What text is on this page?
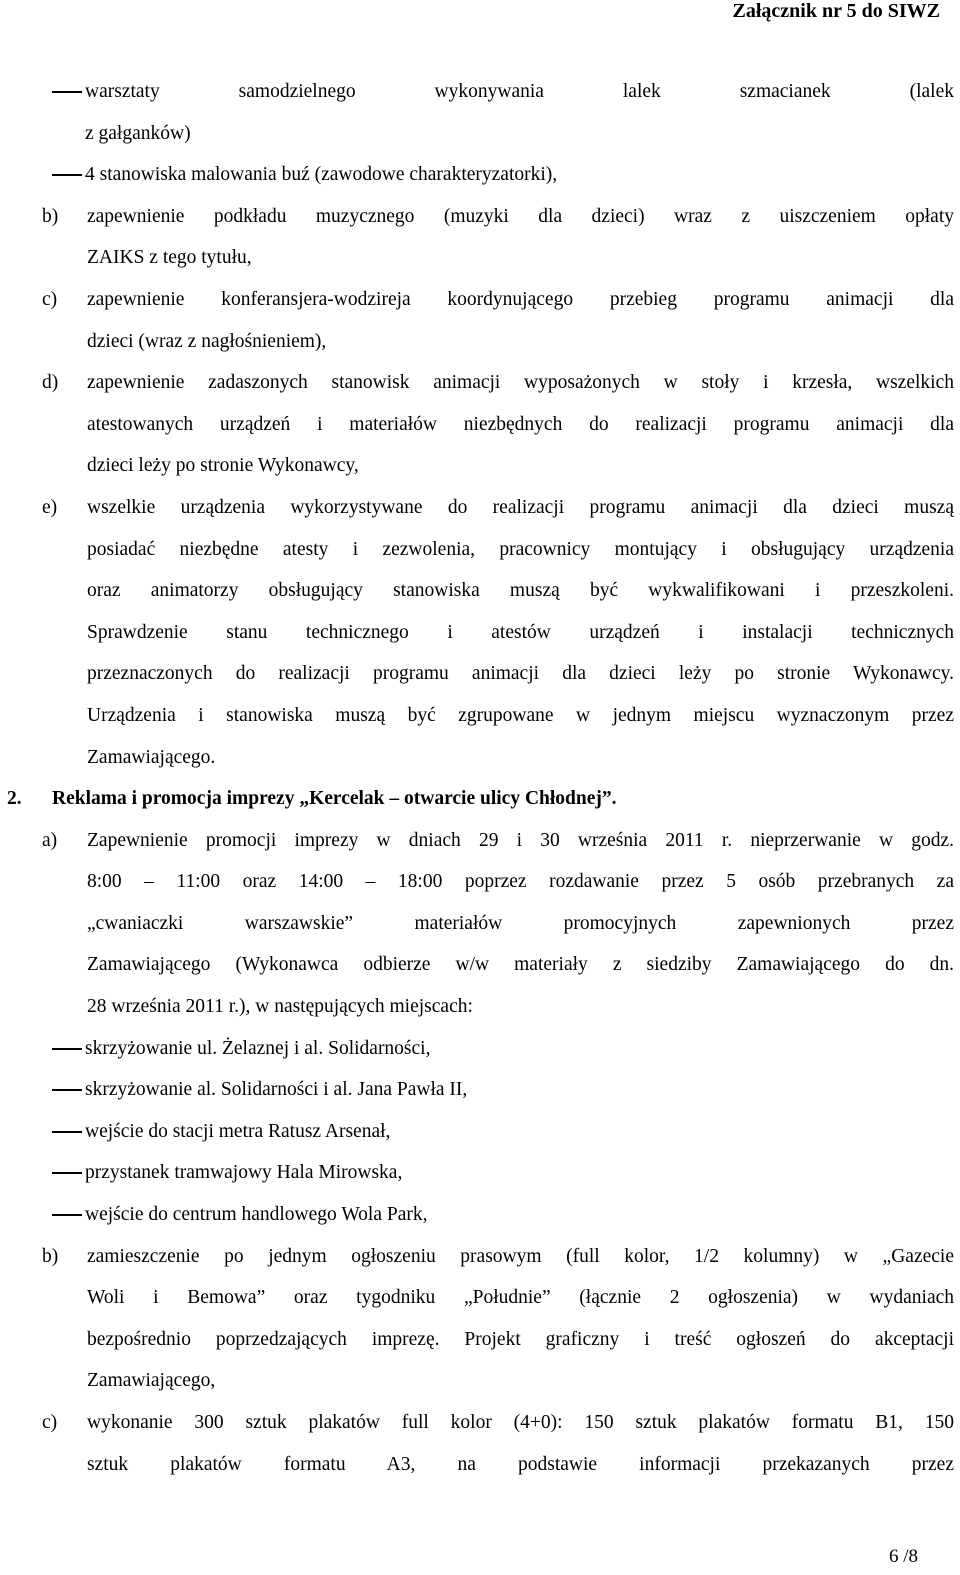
Załącznik nr 5 do SIWZ

warsztaty samodzielnego wykonywania lalek szmacianek (lalek

z gałganków)

4 stanowiska malowania buź (zawodowe charakteryzatorki),

b)	zapewnienie podkładu muzycznego (muzyki dla dzieci) wraz z uiszczeniem opłaty

ZAIKS z tego tytułu,

c)	zapewnienie konferansjera-wodzireja koordynującego przebieg programu animacji dla

dzieci (wraz z nagłośnieniem),

d)	zapewnienie zadaszonych stanowisk animacji wyposażonych w stoły i krzesła, wszelkich

atestowanych urządzeń i materiałów niezbędnych do realizacji programu animacji dla

dzieci leży po stronie Wykonawcy,

e)	wszelkie urządzenia wykorzystywane do realizacji programu animacji dla dzieci muszą

posiadać niezbędne atesty i zezwolenia, pracownicy montujący i obsługujący urządzenia

oraz animatorzy obsługujący stanowiska muszą być wykwalifikowani i przeszkoleni.

Sprawdzenie stanu technicznego i atestów urządzeń i instalacji technicznych

przeznaczonych do realizacji programu animacji dla dzieci leży po stronie Wykonawcy.

Urządzenia i stanowiska muszą być zgrupowane w jednym miejscu wyznaczonym przez

Zamawiającego.

2.	Reklama i promocja imprezy „Kercelak – otwarcie ulicy Chłodnej”.
a)	Zapewnienie promocji imprezy w dniach 29 i 30 września 2011 r. nieprzerwanie w godz.

8:00 – 11:00 oraz 14:00 – 18:00 poprzez rozdawanie przez 5 osób przebranych za

„cwaniaczki warszawskie” materiałów promocyjnych zapewnionych przez

Zamawiającego (Wykonawca odbierze w/w materiały z siedziby Zamawiającego do dn.

28 września 2011 r.), w następujących miejscach:

skrzyżowanie ul. Żelaznej i al. Solidarności,

skrzyżowanie al. Solidarności i al. Jana Pawła II,

wejście do stacji metra Ratusz Arsenał,

przystanek tramwajowy Hala Mirowska,

wejście do centrum handlowego Wola Park,

b)	zamieszczenie po jednym ogłoszeniu prasowym (full kolor, 1/2 kolumny) w „Gazecie

Woli i Bemowa” oraz tygodniku „Południe” (łącznie 2 ogłoszenia) w wydaniach

bezpośrednio poprzedzających imprezę. Projekt graficzny i treść ogłoszeń do akceptacji

Zamawiającego,

c)	wykonanie 300 sztuk plakatów full kolor (4+0): 150 sztuk plakatów formatu B1, 150

sztuk plakatów formatu A3, na podstawie informacji przekazanych przez

6 /8
